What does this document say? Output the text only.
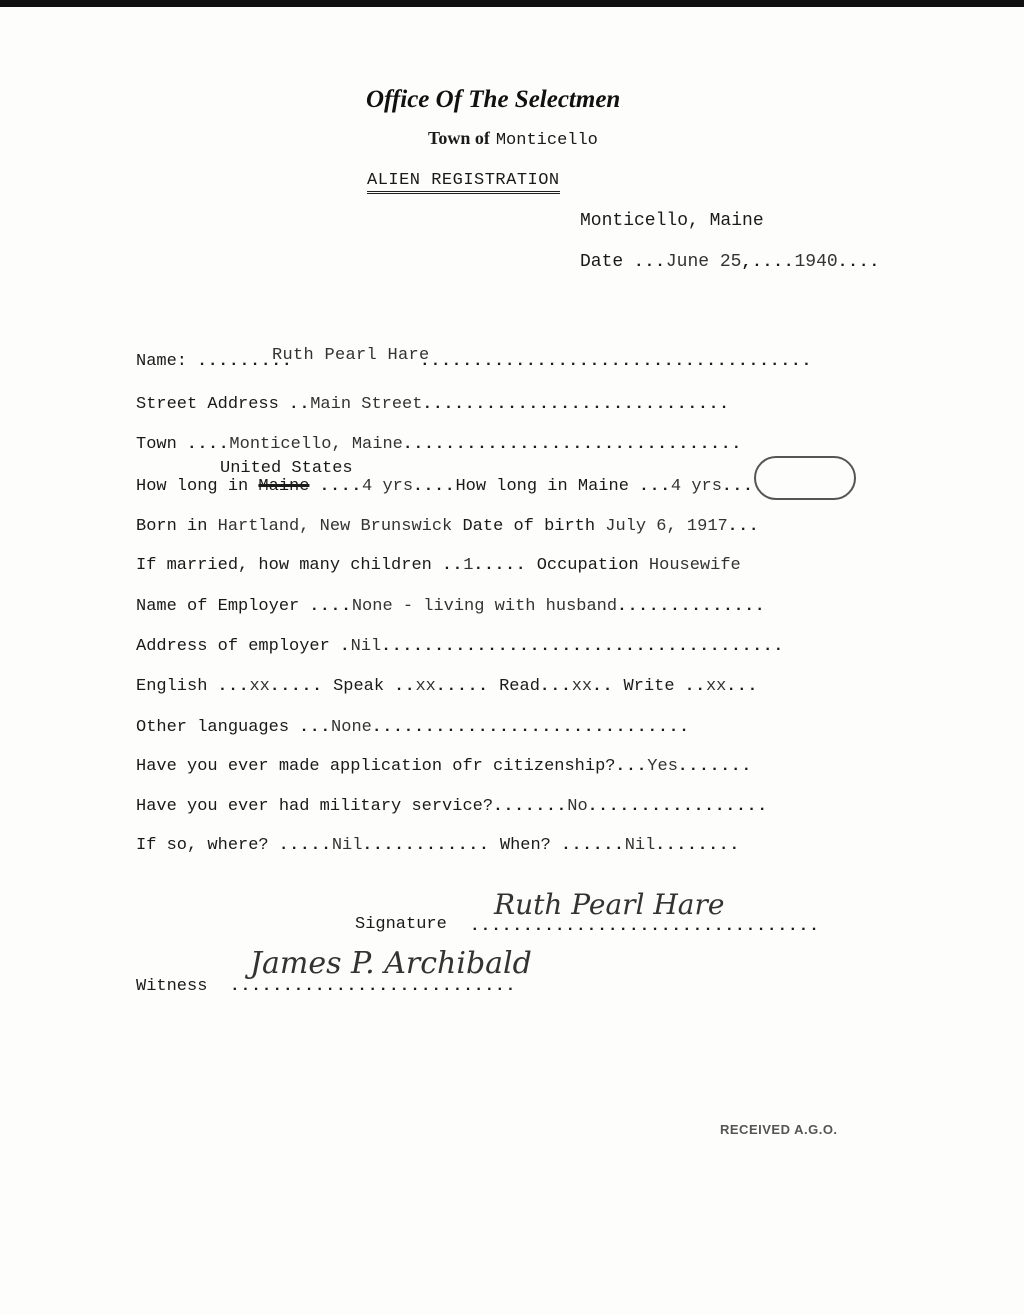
Office Of The Selectmen
Town of Monticello
ALIEN REGISTRATION
Monticello, Maine
Date ...June 25,....1940....
Name: .........
Ruth Pearl Hare
.....................................
Street Address ..Main Street.............................
Town ....Monticello, Maine................................
United States
How long in Maine ....4 yrs....How long in Maine ...4 yrs...
Born in Hartland, New Brunswick Date of birth July 6, 1917...
If married, how many children ..1..... Occupation Housewife
Name of Employer ....None - living with husband..............
Address of employer .Nil......................................
English ...xx..... Speak ..xx..... Read...xx.. Write ..xx...
Other languages ...None..............................
Have you ever made application ofr citizenship?...Yes.......
Have you ever had military service?.......No.................
If so, where? .....Nil............ When? ......Nil........
Signature .................................
Ruth Pearl Hare
Witness ...........................
James P. Archibald
RECEIVED A.G.O.
